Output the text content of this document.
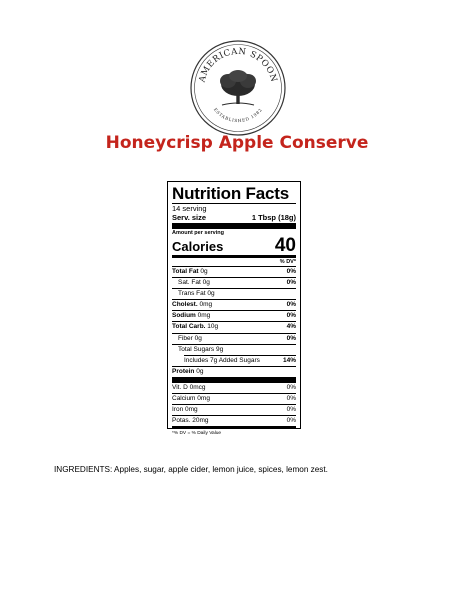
AMERICAN SPOON
ESTABLISHED 1982
Honeycrisp Apple Conserve
Nutrition Facts
14 serving
Serv. size	1 Tbsp (18g)
Amount per serving
Calories	40
% DV*
Total Fat 0g	0%
Sat. Fat 0g	0%
Trans Fat 0g
Cholest. 0mg	0%
Sodium 0mg	0%
Total Carb. 10g	4%
Fiber 0g	0%
Total Sugars 9g
Includes 7g Added Sugars	14%
Protein 0g
Vit. D 0mcg	0%
Calcium 0mg	0%
Iron 0mg	0%
Potas. 20mg	0%
*% DV = % Daily Value
INGREDIENTS: Apples, sugar, apple cider, lemon juice, spices, lemon zest.
